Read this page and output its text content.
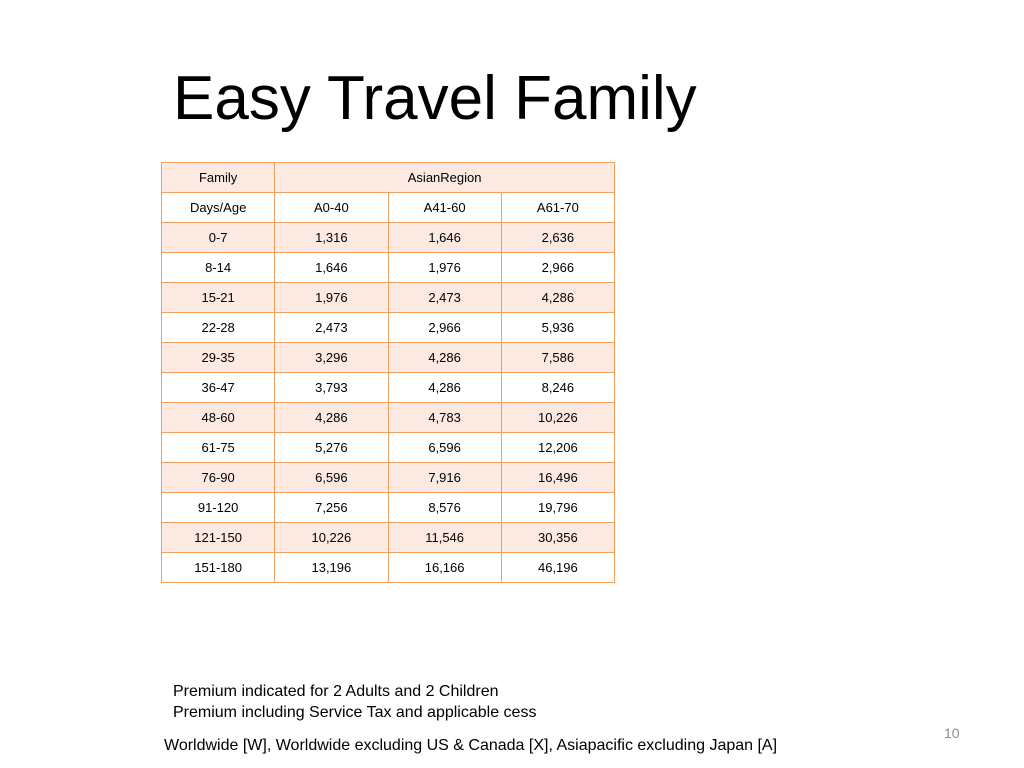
Easy Travel Family
Family	AsianRegion		
Days/Age	A0-40	A41-60	A61-70
0-7	1,316	1,646	2,636
8-14	1,646	1,976	2,966
15-21	1,976	2,473	4,286
22-28	2,473	2,966	5,936
29-35	3,296	4,286	7,586
36-47	3,793	4,286	8,246
48-60	4,286	4,783	10,226
61-75	5,276	6,596	12,206
76-90	6,596	7,916	16,496
91-120	7,256	8,576	19,796
121-150	10,226	11,546	30,356
151-180	13,196	16,166	46,196
Premium indicated for 2 Adults and 2 Children
Premium including Service Tax and applicable cess
Worldwide [W], Worldwide excluding US & Canada [X], Asiapacific excluding Japan [A]
10
